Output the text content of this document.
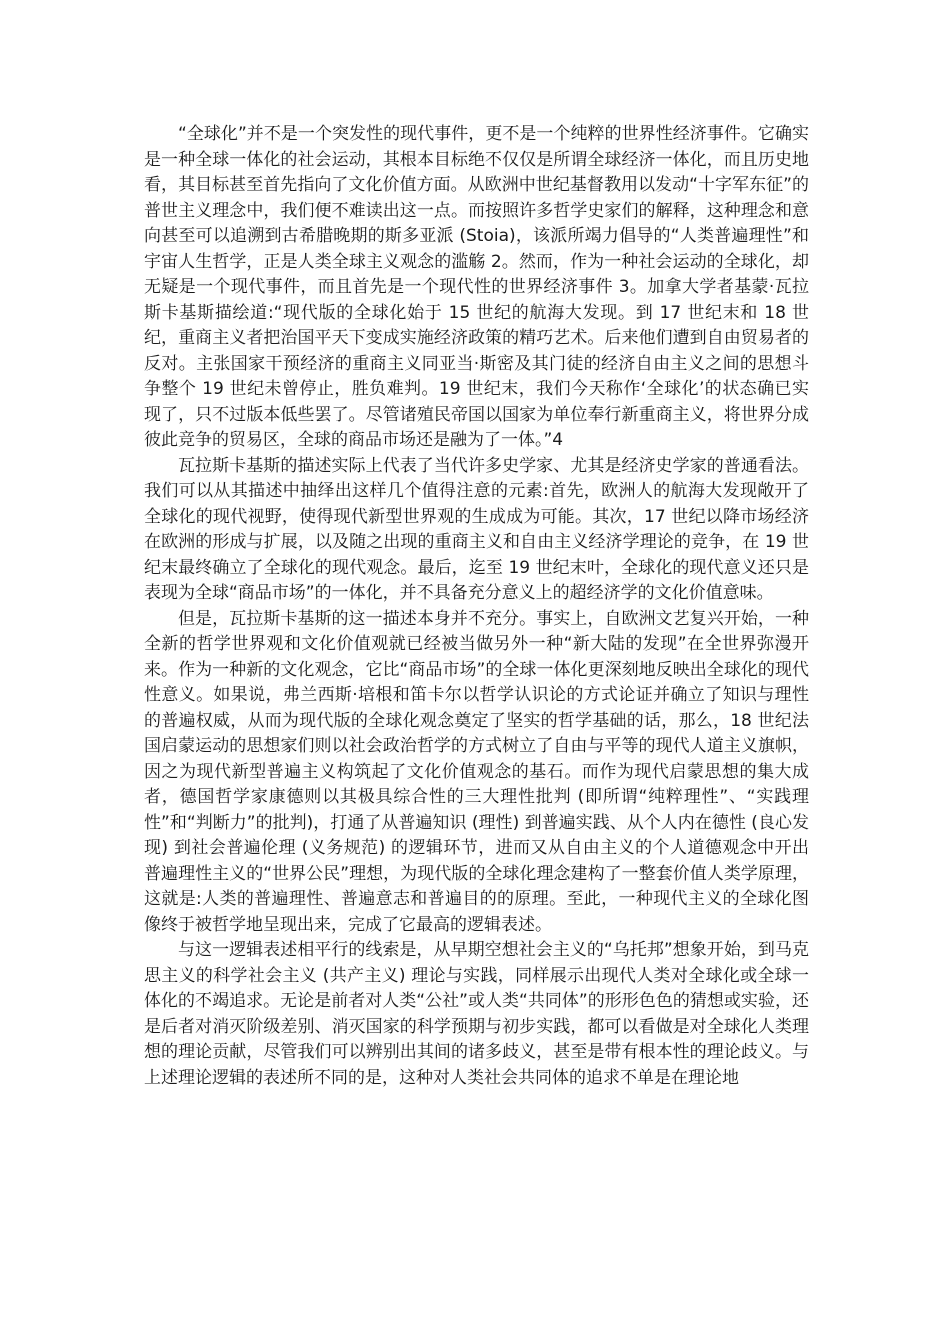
“全球化”并不是一个突发性的现代事件，更不是一个纯粹的世界性经济事件。它确实是一种全球一体化的社会运动，其根本目标绝不仅仅是所谓全球经济一体化，而且历史地看，其目标甚至首先指向了文化价值方面。从欧洲中世纪基督教用以发动“十字军东征”的普世主义理念中，我们便不难读出这一点。而按照许多哲学史家们的解释，这种理念和意向甚至可以追溯到古希腊晚期的斯多亚派 (Stoia)，该派所竭力倡导的“人类普遍理性”和宇宙人生哲学，正是人类全球主义观念的滥觞 2。然而，作为一种社会运动的全球化，却无疑是一个现代事件，而且首先是一个现代性的世界经济事件 3。加拿大学者基蒙·瓦拉斯卡基斯描绘道:“现代版的全球化始于 15 世纪的航海大发现。到 17 世纪末和 18 世纪，重商主义者把治国平天下变成实施经济政策的精巧艺术。后来他们遭到自由贸易者的反对。主张国家干预经济的重商主义同亚当·斯密及其门徒的经济自由主义之间的思想斗争整个 19 世纪未曾停止，胜负难判。19 世纪末，我们今天称作‘全球化’的状态确已实现了，只不过版本低些罢了。尽管诸殖民帝国以国家为单位奉行新重商主义，将世界分成彼此竞争的贸易区，全球的商品市场还是融为了一体。”4

瓦拉斯卡基斯的描述实际上代表了当代许多史学家、尤其是经济史学家的普通看法。我们可以从其描述中抽绎出这样几个值得注意的元素:首先，欧洲人的航海大发现敞开了全球化的现代视野，使得现代新型世界观的生成成为可能。其次，17 世纪以降市场经济在欧洲的形成与扩展，以及随之出现的重商主义和自由主义经济学理论的竞争，在 19 世纪末最终确立了全球化的现代观念。最后，迄至 19 世纪末叶，全球化的现代意义还只是表现为全球“商品市场”的一体化，并不具备充分意义上的超经济学的文化价值意味。

但是，瓦拉斯卡基斯的这一描述本身并不充分。事实上，自欧洲文艺复兴开始，一种全新的哲学世界观和文化价值观就已经被当做另外一种“新大陆的发现”在全世界弥漫开来。作为一种新的文化观念，它比“商品市场”的全球一体化更深刻地反映出全球化的现代性意义。如果说，弗兰西斯·培根和笛卡尔以哲学认识论的方式论证并确立了知识与理性的普遍权威，从而为现代版的全球化观念奠定了坚实的哲学基础的话，那么，18 世纪法国启蒙运动的思想家们则以社会政治哲学的方式树立了自由与平等的现代人道主义旗帜，因之为现代新型普遍主义构筑起了文化价值观念的基石。而作为现代启蒙思想的集大成者，德国哲学家康德则以其极具综合性的三大理性批判 (即所谓“纯粹理性”、“实践理性”和“判断力”的批判)，打通了从普遍知识 (理性) 到普遍实践、从个人内在德性 (良心发现) 到社会普遍伦理 (义务规范) 的逻辑环节，进而又从自由主义的个人道德观念中开出普遍理性主义的“世界公民”理想，为现代版的全球化理念建构了一整套价值人类学原理，这就是:人类的普遍理性、普遍意志和普遍目的的原理。至此，一种现代主义的全球化图像终于被哲学地呈现出来，完成了它最高的逻辑表述。

与这一逻辑表述相平行的线索是，从早期空想社会主义的“乌托邦”想象开始，到马克思主义的科学社会主义 (共产主义) 理论与实践，同样展示出现代人类对全球化或全球一体化的不竭追求。无论是前者对人类“公社”或人类“共同体”的形形色色的猜想或实验，还是后者对消灭阶级差别、消灭国家的科学预期与初步实践，都可以看做是对全球化人类理想的理论贡献，尽管我们可以辨别出其间的诸多歧义，甚至是带有根本性的理论歧义。与上述理论逻辑的表述所不同的是，这种对人类社会共同体的追求不单是在理论地
